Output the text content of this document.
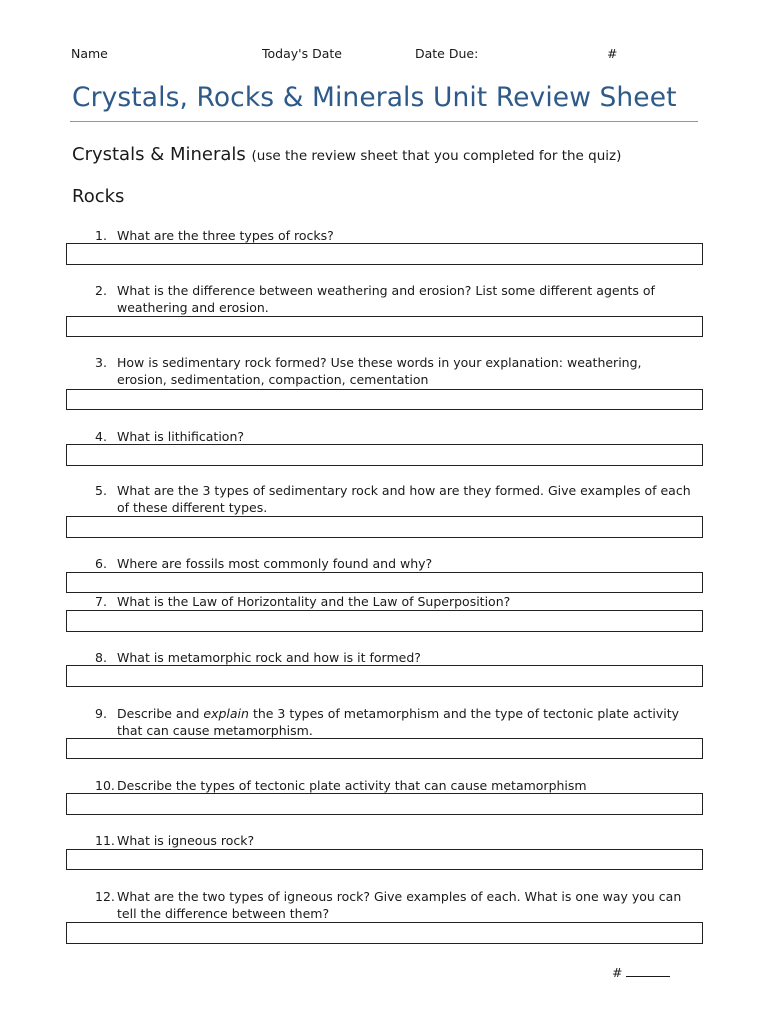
Name	Today's Date	Date Due:	#
Crystals, Rocks & Minerals Unit Review Sheet
Crystals & Minerals (use the review sheet that you completed for the quiz)
Rocks
1. What are the three types of rocks?
2. What is the difference between weathering and erosion? List some different agents of weathering and erosion.
3. How is sedimentary rock formed? Use these words in your explanation: weathering, erosion, sedimentation, compaction, cementation
4. What is lithification?
5. What are the 3 types of sedimentary rock and how are they formed. Give examples of each of these different types.
6. Where are fossils most commonly found and why?
7. What is the Law of Horizontality and the Law of Superposition?
8. What is metamorphic rock and how is it formed?
9. Describe and explain the 3 types of metamorphism and the type of tectonic plate activity that can cause metamorphism.
10. Describe the types of tectonic plate activity that can cause metamorphism
11. What is igneous rock?
12. What are the two types of igneous rock? Give examples of each. What is one way you can tell the difference between them?
#
